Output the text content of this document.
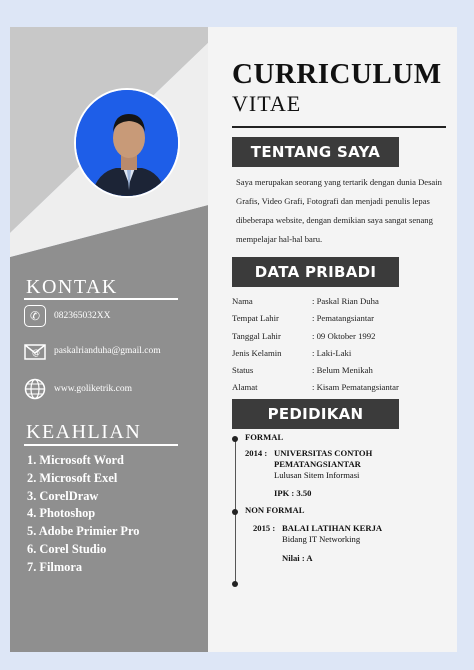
KONTAK
✆	082365032XX
@ paskalrianduha@gmail.com
www.goliketrik.com
KEAHLIAN
1. Microsoft Word
2. Microsoft Exel
3. CorelDraw
4. Photoshop
5. Adobe Primier Pro
6. Corel Studio
7. Filmora
CURRICULUM
VITAE
TENTANG SAYA
Saya merupakan seorang yang tertarik dengan dunia Desain Grafis, Video Grafi, Fotografi dan menjadi penulis lepas dibeberapa website, dengan demikian saya sangat senang mempelajar hal-hal baru.
DATA PRIBADI
Nama	: Paskal Rian Duha
Tempat Lahir	: Pematangsiantar
Tanggal Lahir	: 09 Oktober 1992
Jenis Kelamin	: Laki-Laki
Status	: Belum Menikah
Alamat	: Kisam Pematangsiantar
PEDIDIKAN
FORMAL
2014 : UNIVERSITAS CONTOH
PEMATANGSIANTAR
Lulusan Sitem Informasi
IPK : 3.50
NON FORMAL
2015 : BALAI LATIHAN KERJA
Bidang IT Networking
Nilai : A
